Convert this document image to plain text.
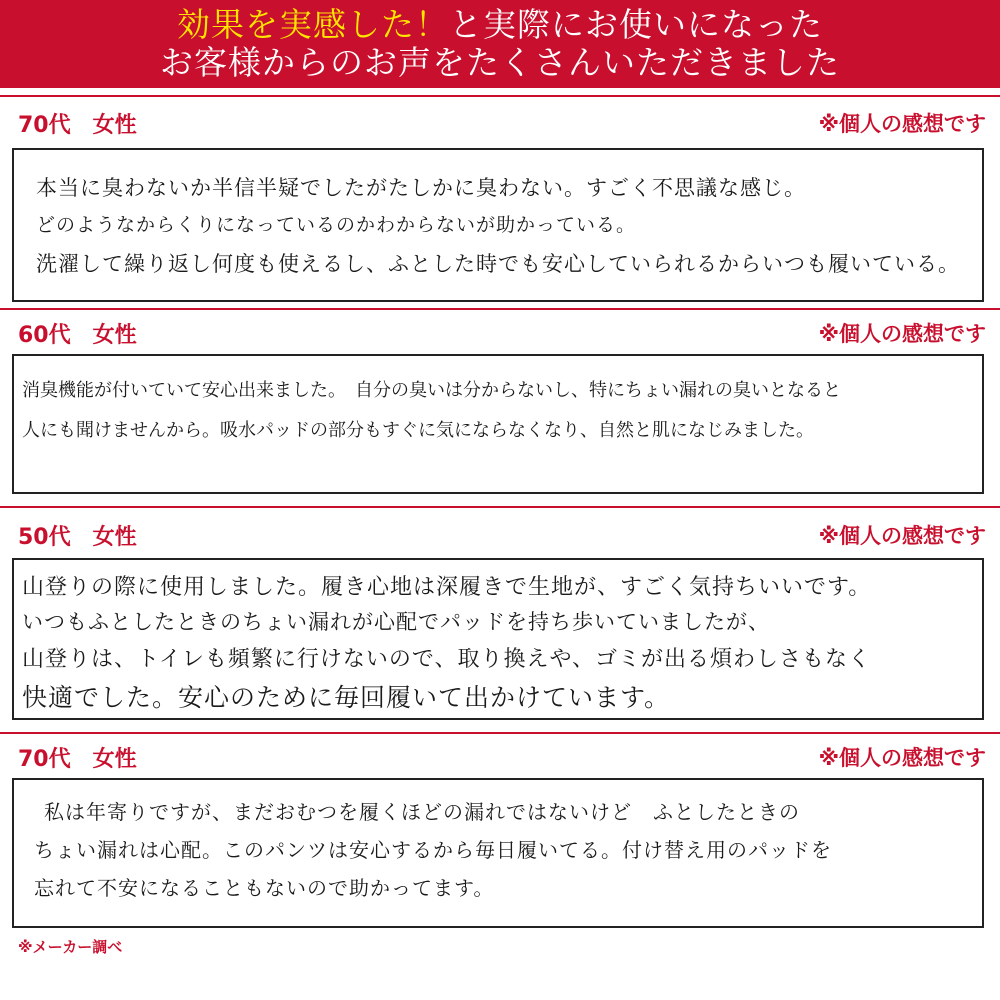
効果を実感した！と実際にお使いになった
お客様からのお声をたくさんいただきました
70代　女性	※個人の感想です
本当に臭わないか半信半疑でしたがたしかに臭わない。すごく不思議な感じ。
どのようなからくりになっているのかわからないが助かっている。
洗濯して繰り返し何度も使えるし、ふとした時でも安心していられるからいつも履いている。
60代　女性	※個人の感想です
消臭機能が付いていて安心出来ました。　自分の臭いは分からないし、特にちょい漏れの臭いとなると
人にも聞けませんから。吸水パッドの部分もすぐに気にならなくなり、自然と肌になじみました。
50代　女性	※個人の感想です
山登りの際に使用しました。履き心地は深履きで生地が、すごく気持ちいいです。
いつもふとしたときのちょい漏れが心配でパッドを持ち歩いていましたが、
山登りは、トイレも頻繁に行けないので、取り換えや、ゴミが出る煩わしさもなく
快適でした。安心のために毎回履いて出かけています。
70代　女性	※個人の感想です
私は年寄りですが、まだおむつを履くほどの漏れではないけど　ふとしたときの
ちょい漏れは心配。このパンツは安心するから毎日履いてる。付け替え用のパッドを
忘れて不安になることもないので助かってます。
※メーカー調べ
